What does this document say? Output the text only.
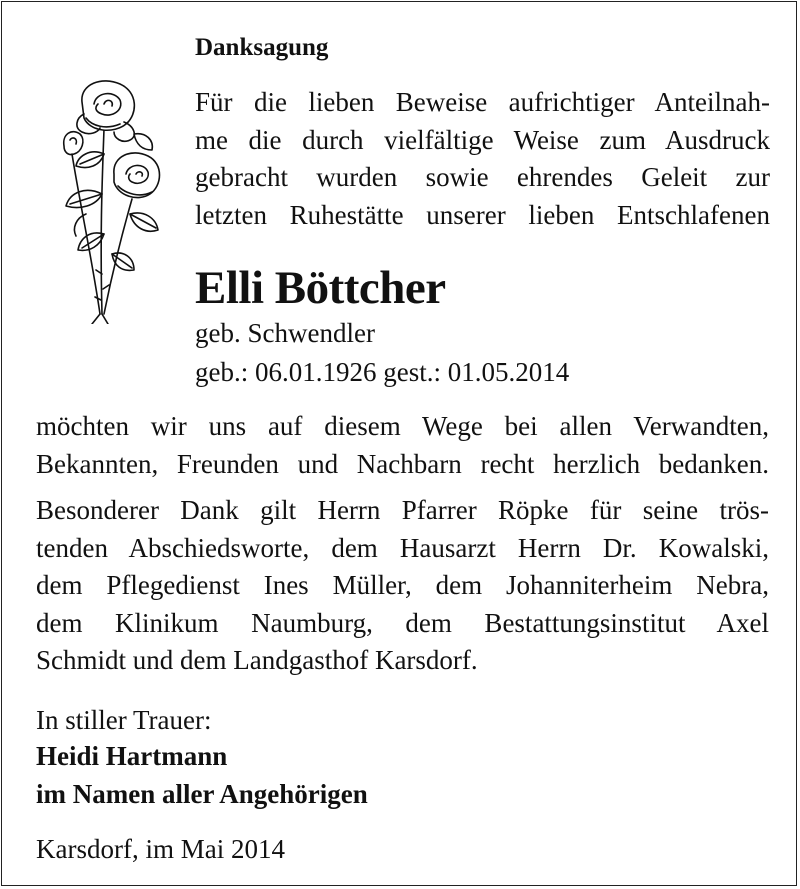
Danksagung
Für die lieben Beweise aufrichtiger Anteilnah-
me die durch vielfältige Weise zum Ausdruck
gebracht wurden sowie ehrendes Geleit zur
letzten Ruhestätte unserer lieben Entschlafenen
Elli Böttcher
geb. Schwendler
geb.: 06.01.1926 gest.: 01.05.2014
möchten wir uns auf diesem Wege bei allen Verwandten,
Bekannten, Freunden und Nachbarn recht herzlich bedanken.
Besonderer Dank gilt Herrn Pfarrer Röpke für seine trös-
tenden Abschiedsworte, dem Hausarzt Herrn Dr. Kowalski,
dem Pflegedienst Ines Müller, dem Johanniterheim Nebra,
dem Klinikum Naumburg, dem Bestattungsinstitut Axel
Schmidt und dem Landgasthof Karsdorf.
In stiller Trauer:
Heidi Hartmann
im Namen aller Angehörigen
Karsdorf, im Mai 2014
